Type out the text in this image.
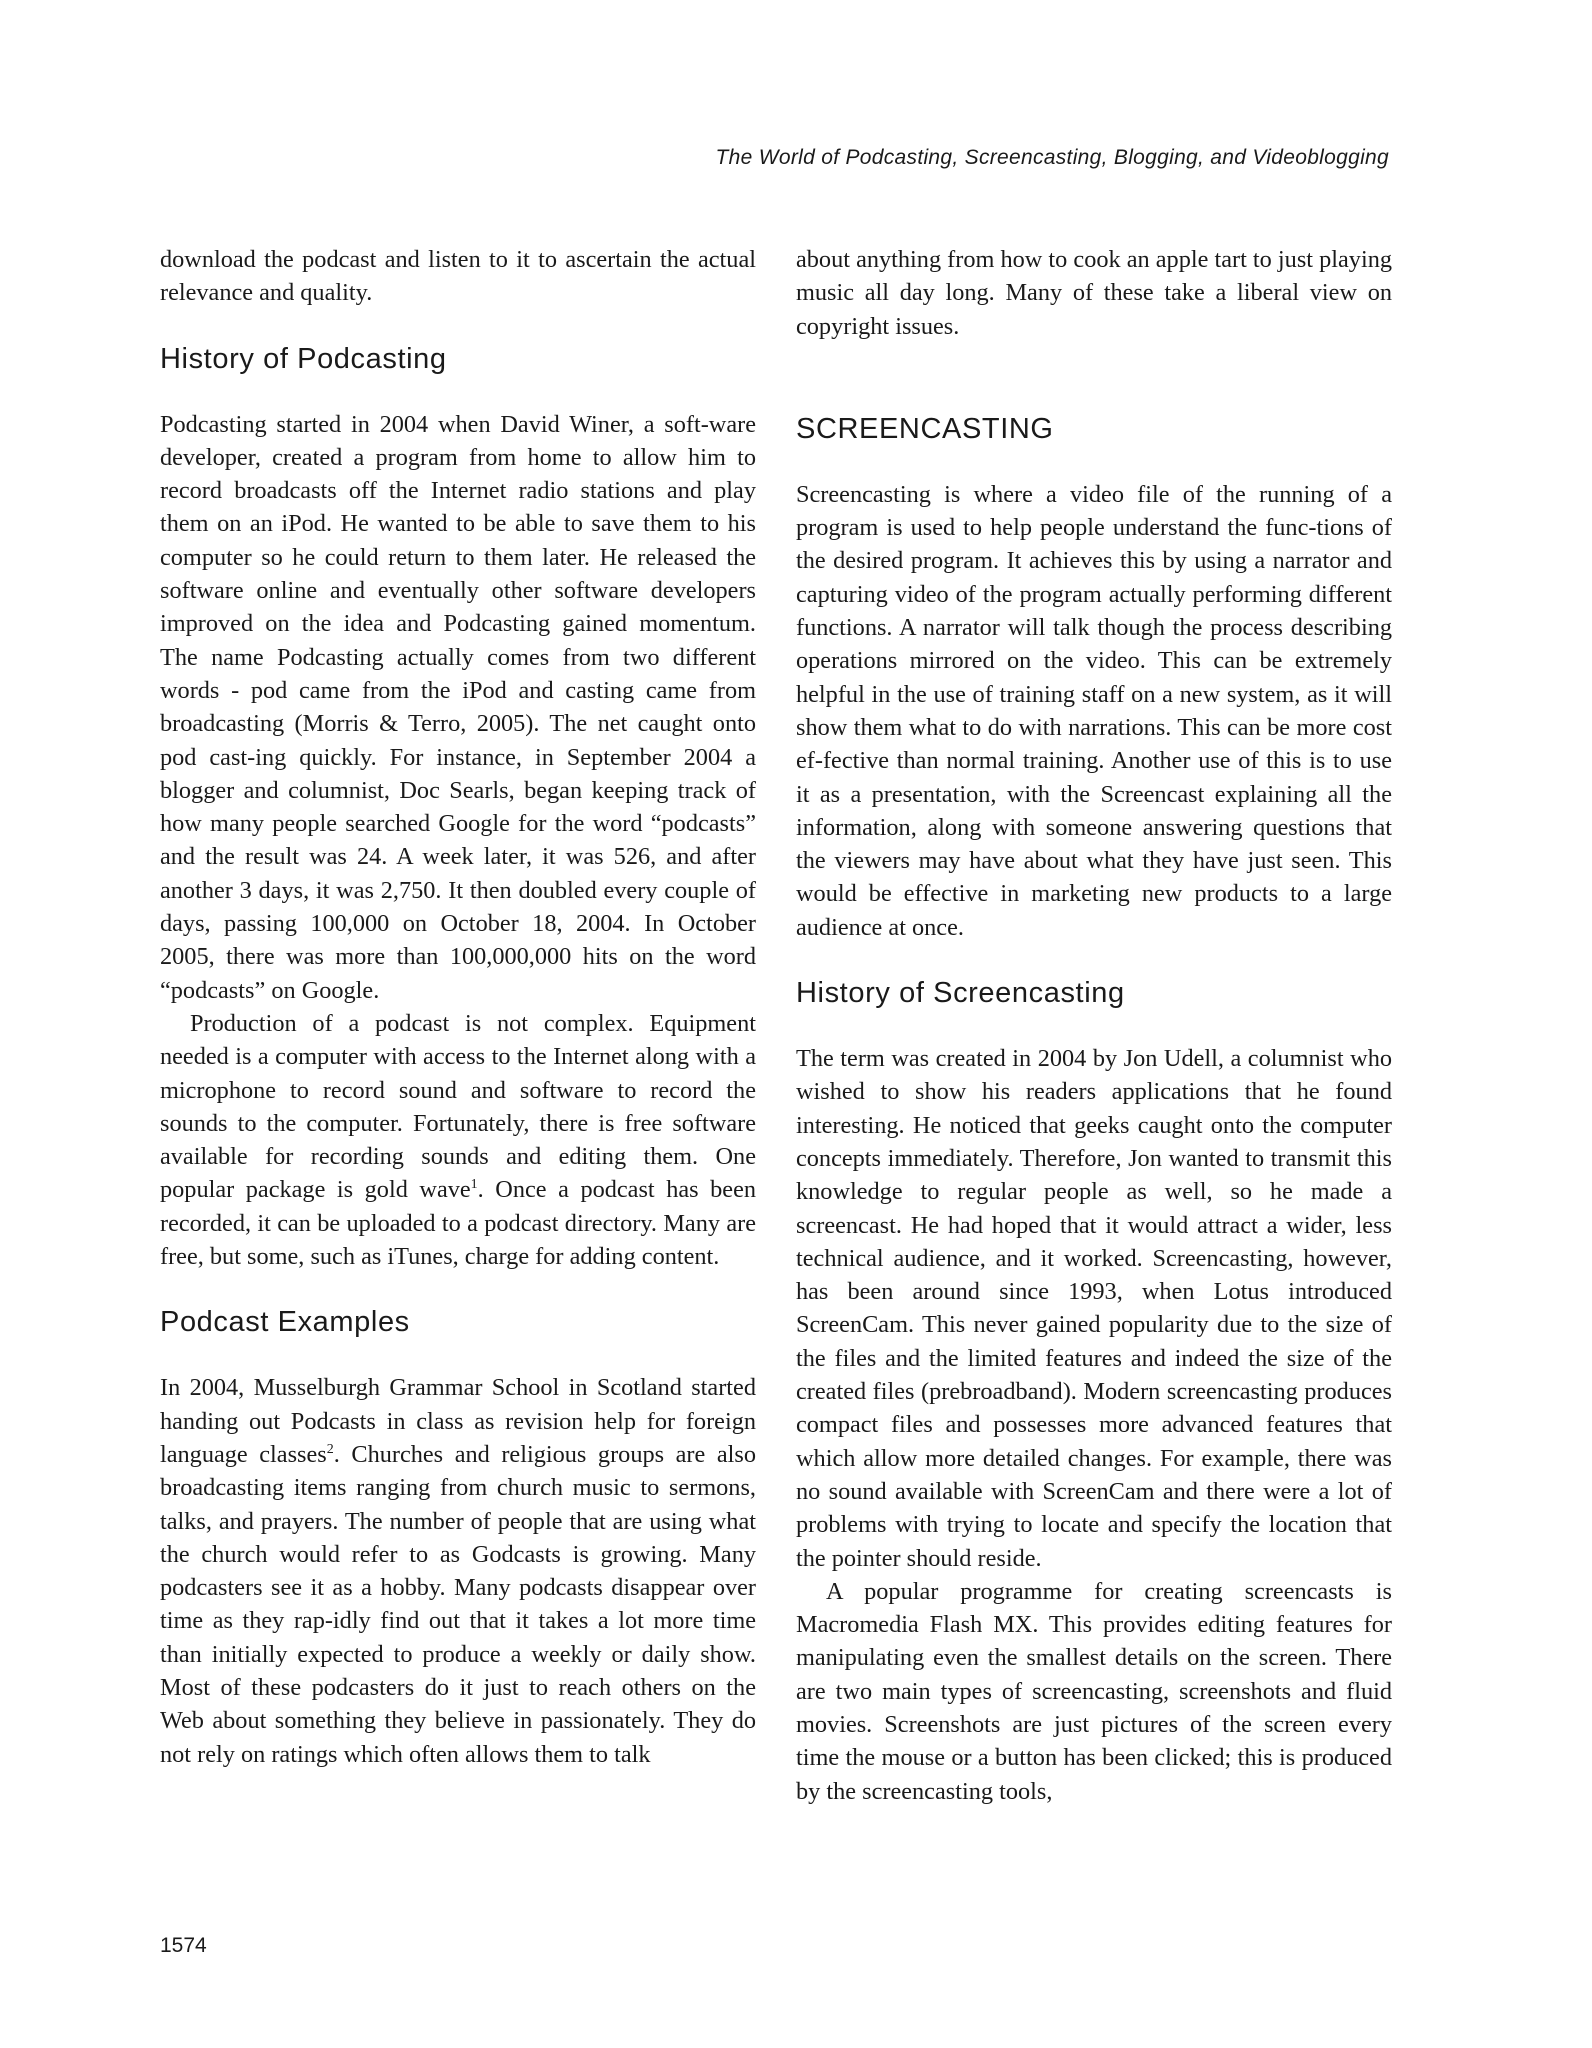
The World of Podcasting, Screencasting, Blogging, and Videoblogging

download the podcast and listen to it to ascertain the actual relevance and quality.

History of Podcasting

Podcasting started in 2004 when David Winer, a soft-ware developer, created a program from home to allow him to record broadcasts off the Internet radio stations and play them on an iPod. He wanted to be able to save them to his computer so he could return to them later. He released the software online and eventually other software developers improved on the idea and Podcasting gained momentum. The name Podcasting actually comes from two different words - pod came from the iPod and casting came from broadcasting (Morris & Terro, 2005). The net caught onto pod cast-ing quickly. For instance, in September 2004 a blogger and columnist, Doc Searls, began keeping track of how many people searched Google for the word “podcasts” and the result was 24. A week later, it was 526, and after another 3 days, it was 2,750. It then doubled every couple of days, passing 100,000 on October 18, 2004. In October 2005, there was more than 100,000,000 hits on the word “podcasts” on Google.

Production of a podcast is not complex. Equipment needed is a computer with access to the Internet along with a microphone to record sound and software to record the sounds to the computer. Fortunately, there is free software available for recording sounds and editing them. One popular package is gold wave$^1$. Once a podcast has been recorded, it can be uploaded to a podcast directory. Many are free, but some, such as iTunes, charge for adding content.

Podcast Examples

In 2004, Musselburgh Grammar School in Scotland started handing out Podcasts in class as revision help for foreign language classes$^2$. Churches and religious groups are also broadcasting items ranging from church music to sermons, talks, and prayers. The number of people that are using what the church would refer to as Godcasts is growing. Many podcasters see it as a hobby. Many podcasts disappear over time as they rap-idly find out that it takes a lot more time than initially expected to produce a weekly or daily show. Most of these podcasters do it just to reach others on the Web about something they believe in passionately. They do not rely on ratings which often allows them to talk

about anything from how to cook an apple tart to just playing music all day long. Many of these take a liberal view on copyright issues.

SCREENCASTING

Screencasting is where a video file of the running of a program is used to help people understand the func-tions of the desired program. It achieves this by using a narrator and capturing video of the program actually performing different functions. A narrator will talk though the process describing operations mirrored on the video. This can be extremely helpful in the use of training staff on a new system, as it will show them what to do with narrations. This can be more cost ef-fective than normal training. Another use of this is to use it as a presentation, with the Screencast explaining all the information, along with someone answering questions that the viewers may have about what they have just seen. This would be effective in marketing new products to a large audience at once.

History of Screencasting

The term was created in 2004 by Jon Udell, a columnist who wished to show his readers applications that he found interesting. He noticed that geeks caught onto the computer concepts immediately. Therefore, Jon wanted to transmit this knowledge to regular people as well, so he made a screencast. He had hoped that it would attract a wider, less technical audience, and it worked. Screencasting, however, has been around since 1993, when Lotus introduced ScreenCam. This never gained popularity due to the size of the files and the limited features and indeed the size of the created files (prebroadband). Modern screencasting produces compact files and possesses more advanced features that which allow more detailed changes. For example, there was no sound available with ScreenCam and there were a lot of problems with trying to locate and specify the location that the pointer should reside.

A popular programme for creating screencasts is Macromedia Flash MX. This provides editing features for manipulating even the smallest details on the screen. There are two main types of screencasting, screenshots and fluid movies. Screenshots are just pictures of the screen every time the mouse or a button has been clicked; this is produced by the screencasting tools,

1574
